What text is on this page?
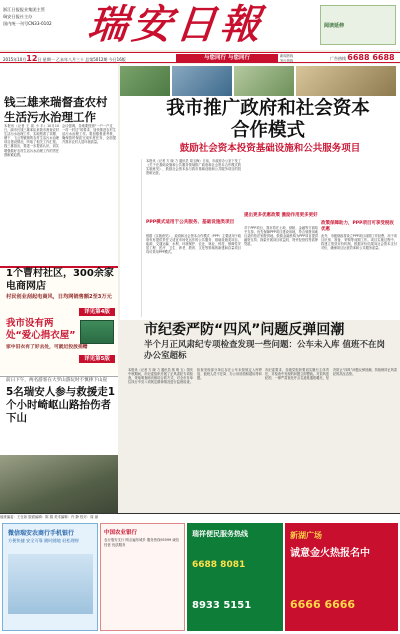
浙江日报报业集团主管
瑞安日报社主办
国内统一刊号CN33-0102 瑞安日報	阅读延伸
2015年10月12日 星期一 乙未年八月三十 总第5012期 今日16版	与您同行 与您同行	新闻热线
发行热线	广告热线 6688 6688
钱三雄来瑞督查农村生活污水治理工作
本报讯（记者 王 周 小 丰）10月10日，副市长钱三雄率队来我市督查农村生活污水治理工作，实地察看了莘塍、塘下、飞云等镇街的农村生活污水治理项目建设情况，听取了相关工作汇报。钱三雄指出，要进一步提高认识，切实增强做好农村生活污水治理工作的责任感和紧迫感。
会议强调，各地要按照“一户一户过、一村一村过”的要求，加快推进农村生活污水治理工作。要加强督查考核，确保按时保质完成年度任务，全面提升我市农村人居环境质量。
1个曹村社区，300余家电商网店
村民创业刮起电商风，日均网销售额2至3万元
详见第4版
我市设有两处“爱心捐衣屋”
家中旧衣有了好去处，可就近投放捐赠
详见第5版
前日下午，两名游客在大罗山游玩时不慎摔下山崖
5名瑞安人参与救援走1个小时崎岖山路抬伤者下山
我市推广政府和社会资本合作模式
鼓励社会资本投资基础设施和公共服务项目
本报讯（记者 方 晓 力 通讯员 周玉梅）日前，市政府办公室下发了《关于在基础设施和公共服务领域推广政府和社会资本合作模式的实施意见》，鼓励社会资本参与我市基础设施和公共服务项目的投资和运营。
PPP模式适用于公共服务、基础设施类项目
根据《实施意见》，政府和社会资本合作模式（PPP）主要适用于政府负有提供责任又适宜市场化运作的公共服务、基础设施类项目。能源、交通运输、水利、环境保护、农业、林业、科技、保障性安居工程、医疗、卫生、养老、教育、文化等领域的新建和存量项目均可采用PPP模式。
提出更多优惠政策 激励作用更多更好
对于PPP项目，我市将在土地、财税、金融等方面给予支持。优先保障PPP项目建设用地，符合划拨用地目录的依法划拨供地。鼓励金融机构为PPP项目提供融资支持，探索开展项目收益权、特许经营权等质押贷款。
政策保障助力，PPP项目可享受税收优惠
此外，市级财政将设立PPP项目前期工作经费，用于项目识别、准备、采购等前期工作。项目实施过程中，将建立绩效评价机制，根据评价结果向社会资本支付对价，确保项目运营效率和公共服务质量。
市纪委严防“四风”问题反弹回潮
半个月正风肃纪专项检查发现一些问题：公车未入库 值班不在岗 办公室超标
本报讯（记者 方 晓 力 通讯员 郭 明 玉）国庆中秋期间，市纪委组织开展了正风肃纪专项检查，采取明查暗访相结合的方式，对全市各单位执行中央八项规定精神情况进行监督检查。检查发现部分单位存在公车未按规定入库停放、值班人员不在岗、办公用房面积超标等问题。
市纪委要求，各级党组织要切实履行主体责任，对检查中发现的问题立即整改。对顶风违纪的，一律严肃查处并点名道姓通报曝光，坚决防止“四风”问题反弹回潮，持续保持正风肃纪的高压态势。
值班编委：王仕如 版面编辑：陈 娟 美术编辑：许 静 校对：周 丽
微信瑞安农商行手机银行
方便快捷 安全可靠 随时随地 轻松理财
中国农业银行
农行瑞安支行 网点遍布城乡 服务热线95599 诚信经营 优质服务
瑞祥便民服务热线
6688 8081
8933 5151
新湖广场
诚意金火热报名中
6666 6666
